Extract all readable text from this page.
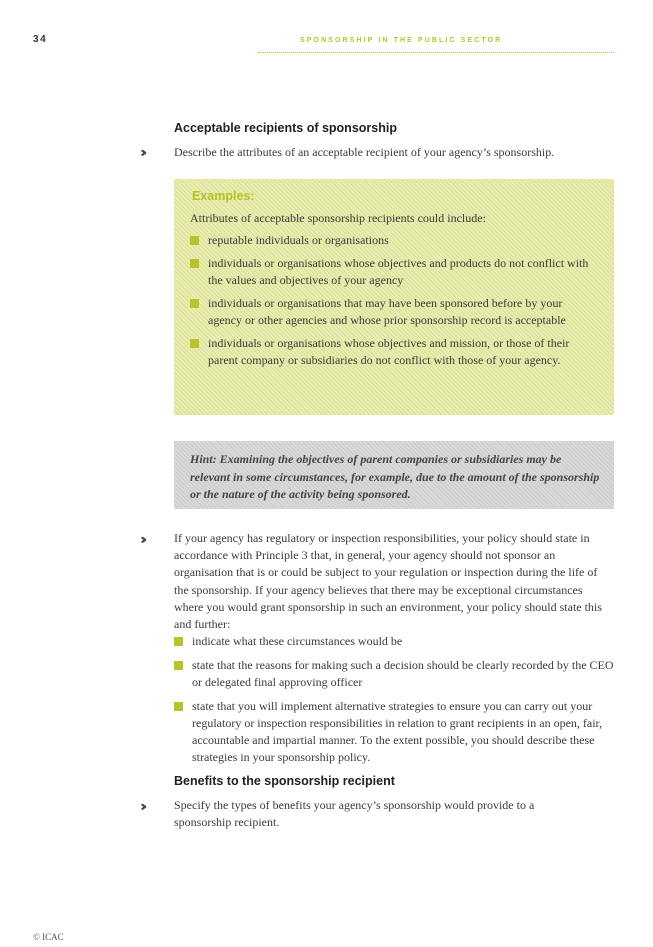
34	SPONSORSHIP IN THE PUBLIC SECTOR
Acceptable recipients of sponsorship
›››	Describe the attributes of an acceptable recipient of your agency’s sponsorship.

Examples:

Attributes of acceptable sponsorship recipients could include:

reputable individuals or organisations
individuals or organisations whose objectives and products do not conflict with the values and objectives of your agency
individuals or organisations that may have been sponsored before by your agency or other agencies and whose prior sponsorship record is acceptable
individuals or organisations whose objectives and mission, or those of their parent company or subsidiaries do not conflict with those of your agency.

Hint: Examining the objectives of parent companies or subsidiaries may be relevant in some circumstances, for example, due to the amount of the sponsorship or the nature of the activity being sponsored.

›››	If your agency has regulatory or inspection responsibilities, your policy should state in accordance with Principle 3 that, in general, your agency should not sponsor an organisation that is or could be subject to your regulation or inspection during the life of the sponsorship. If your agency believes that there may be exceptional circumstances where you would grant sponsorship in such an environment, your policy should state this and further:

indicate what these circumstances would be
state that the reasons for making such a decision should be clearly recorded by the CEO or delegated final approving officer
state that you will implement alternative strategies to ensure you can carry out your regulatory or inspection responsibilities in relation to grant recipients in an open, fair, accountable and impartial manner. To the extent possible, you should describe these strategies in your sponsorship policy.
Benefits to the sponsorship recipient
›››	Specify the types of benefits your agency’s sponsorship would provide to a sponsorship recipient.

© ICAC
